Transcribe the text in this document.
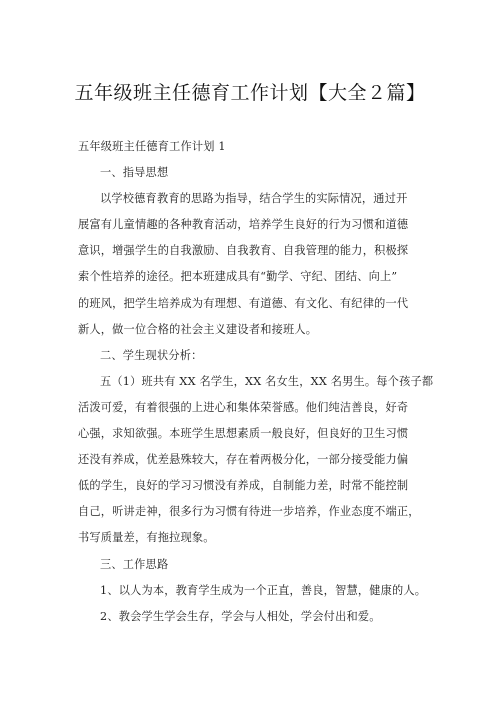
五年级班主任德育工作计划【大全２篇】
五年级班主任德育工作计划 1
一、指导思想
以学校德育教育的思路为指导，结合学生的实际情况，通过开
展富有儿童情趣的各种教育活动，培养学生良好的行为习惯和道德
意识，增强学生的自我激励、自我教育、自我管理的能力，积极探
索个性培养的途径。把本班建成具有“勤学、守纪、团结、向上”
的班风，把学生培养成为有理想、有道德、有文化、有纪律的一代
新人，做一位合格的社会主义建设者和接班人。
二、学生现状分析：
五（1）班共有 XX 名学生，XX 名女生，XX 名男生。每个孩子都
活泼可爱，有着很强的上进心和集体荣誉感。他们纯洁善良，好奇
心强，求知欲强。本班学生思想素质一般良好，但良好的卫生习惯
还没有养成，优差悬殊较大，存在着两极分化，一部分接受能力偏
低的学生，良好的学习习惯没有养成，自制能力差，时常不能控制
自己，听讲走神，很多行为习惯有待进一步培养，作业态度不端正，
书写质量差，有拖拉现象。
三、工作思路
1、以人为本，教育学生成为一个正直，善良，智慧，健康的人。
2、教会学生学会生存，学会与人相处，学会付出和爱。
